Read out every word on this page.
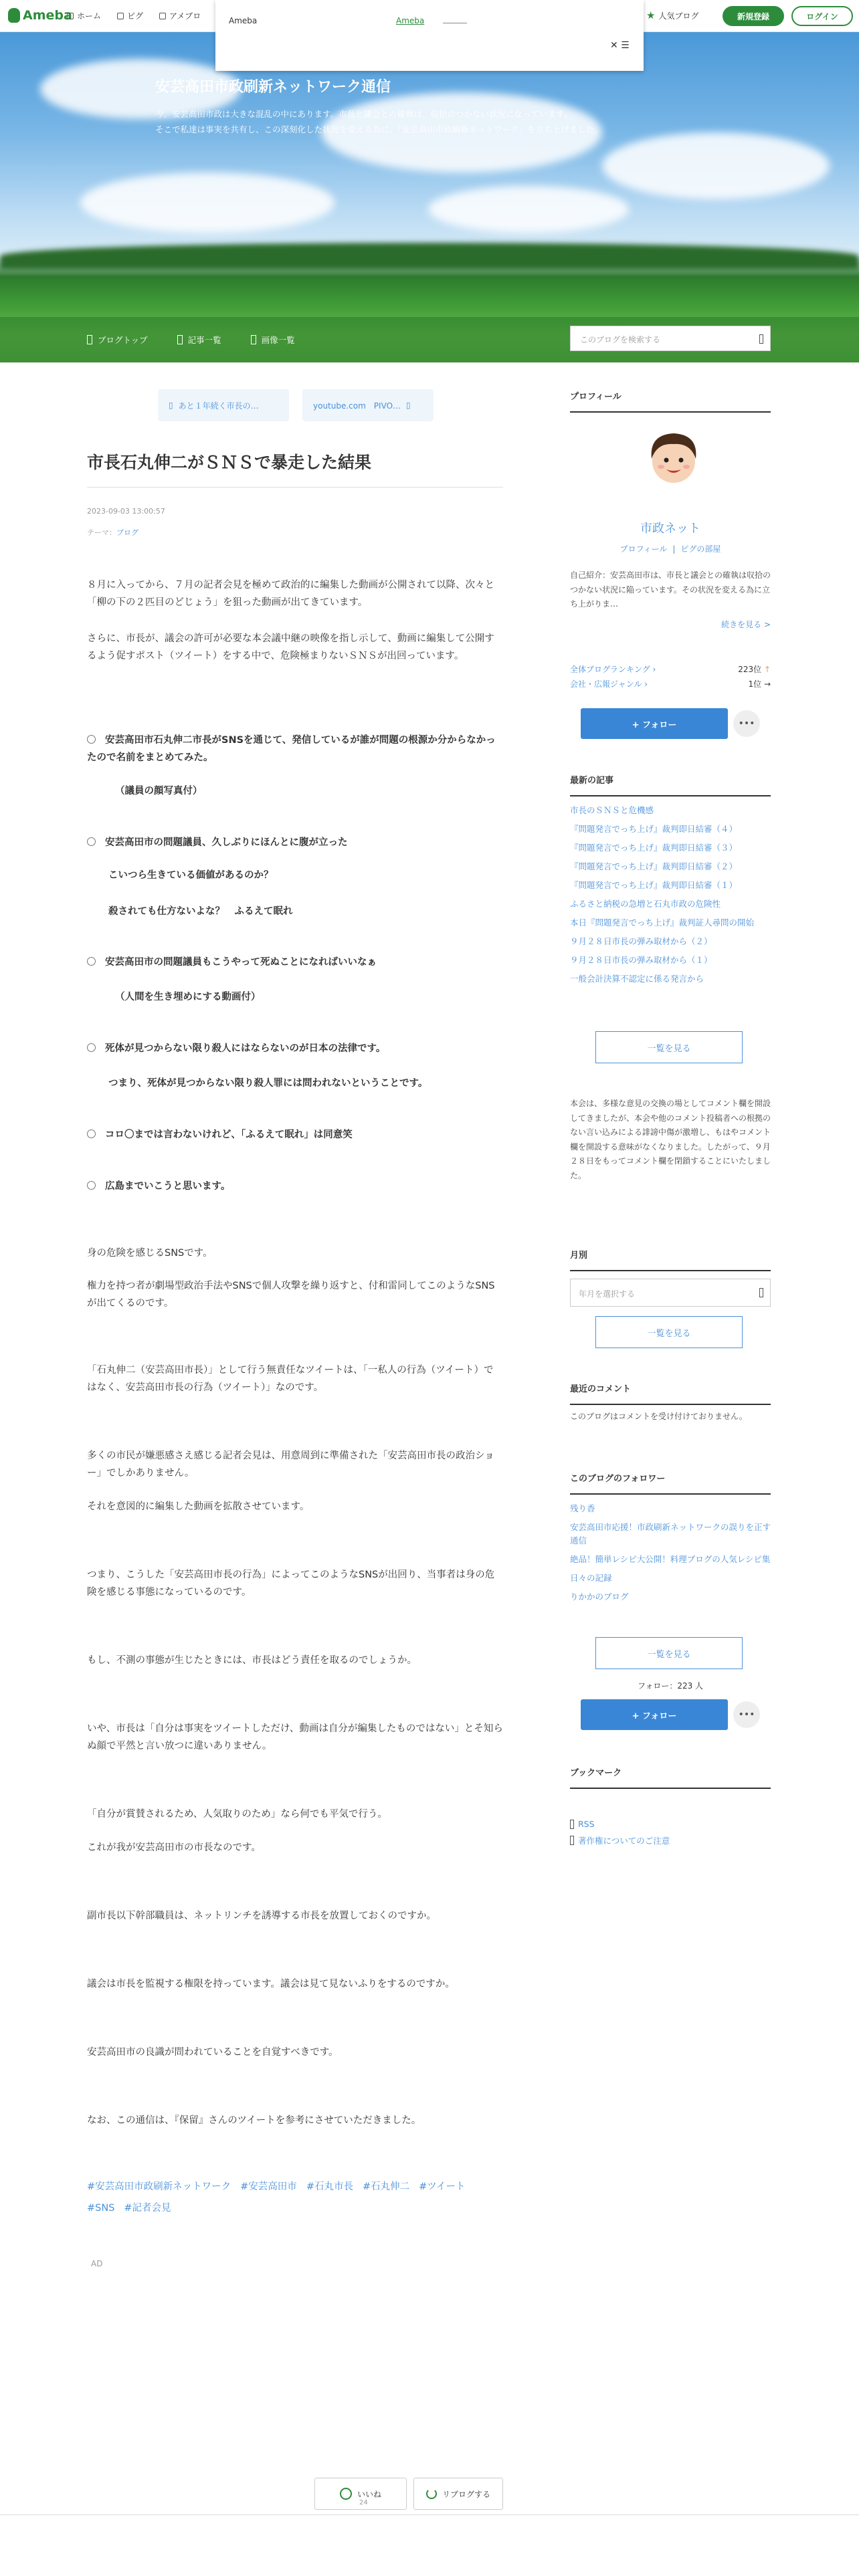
Ameba ホーム	ピグ	アメブロ	★ 人気ブログ	新規登録	ログイン
Ameba	Ameba
✕ ☰
安芸高田市政刷新ネットワーク通信
今、安芸高田市政は大きな混乱の中にあります。市長と議会との確執は、収拾のつかない状況になっています。
そこで私達は事実を共有し、この深刻化した状況を変える為に、「安芸高田市政刷新ネットワーク」を立ち上げました。
ブログトップ	記事一覧	画像一覧	このブログを検索する
▯ あと１年続く市長の…	youtube.com　PIVO… ▯
市長石丸伸二がＳＮＳで暴走した結果
2023-09-03 13:00:57
テーマ：ブログ
８月に入ってから、７月の記者会見を極めて政治的に編集した動画が公開されて以降、次々と「柳の下の２匹目のどじょう」を狙った動画が出てきています。
さらに、市長が、議会の許可が必要な本会議中継の映像を指し示して、動画に編集して公開するよう促すポスト（ツイート）をする中で、危険極まりないＳＮＳが出回っています。
安芸高田市石丸伸二市長がSNSを通じて、発信しているが誰が問題の根源か分からなかったので名前をまとめてみた。
（議員の顔写真付）
安芸高田市の問題議員、久しぶりにほんとに腹が立った
こいつら生きている価値があるのか？
殺されても仕方ないよな？　ふるえて眠れ
安芸高田市の問題議員もこうやって死ぬことになればいいなぁ
（人間を生き埋めにする動画付）
死体が見つからない限り殺人にはならないのが日本の法律です。
つまり、死体が見つからない限り殺人罪には問われないということです。
コロ〇までは言わないけれど、「ふるえて眠れ」は同意笑
広島までいこうと思います。
身の危険を感じるSNSです。
権力を持つ者が劇場型政治手法やSNSで個人攻撃を繰り返すと、付和雷同してこのようなSNSが出てくるのです。
「石丸伸二（安芸高田市長）」として行う無責任なツイートは、「一私人の行為（ツイート）ではなく、安芸高田市長の行為（ツイート）」なのです。
多くの市民が嫌悪感さえ感じる記者会見は、用意周到に準備された「安芸高田市長の政治ショー」でしかありません。
それを意図的に編集した動画を拡散させています。
つまり、こうした「安芸高田市長の行為」によってこのようなSNSが出回り、当事者は身の危険を感じる事態になっているのです。
もし、不測の事態が生じたときには、市長はどう責任を取るのでしょうか。
いや、市長は「自分は事実をツイートしただけ、動画は自分が編集したものではない」とそ知らぬ顔で平然と言い放つに違いありません。
「自分が賞賛されるため、人気取りのため」なら何でも平気で行う。
これが我が安芸高田市の市長なのです。
副市長以下幹部職員は、ネットリンチを誘導する市長を放置しておくのですか。
議会は市長を監視する権限を持っています。議会は見て見ないふりをするのですか。
安芸高田市の良識が問われていることを自覚すべきです。
なお、この通信は、『保留』さんのツイートを参考にさせていただきました。
#安芸高田市政刷新ネットワーク #安芸高田市 #石丸市長 #石丸伸二 #ツイート
#SNS #記者会見
AD
いいね
24
リブログする
プロフィール
市政ネット
プロフィール | ピグの部屋
自己紹介：安芸高田市は、市長と議会との確執は収拾のつかない状況に陥っています。その状況を変える為に立ち上がりま…
続きを見る >
全体ブログランキング ›	223位 ↑
会社・広報ジャンル ›	1位 →
+ フォロー	•••
最新の記事
市長のＳＮＳと危機感
『問題発言でっち上げ』裁判即日結審（４）
『問題発言でっち上げ』裁判即日結審（３）
『問題発言でっち上げ』裁判即日結審（２）
『問題発言でっち上げ』裁判即日結審（１）
ふるさと納税の急増と石丸市政の危険性
本日『問題発言でっち上げ』裁判証人尋問の開始
９月２８日市長の弾み取材から（２）
９月２８日市長の弾み取材から（１）
一般会計決算不認定に係る発言から
一覧を見る
本会は、多様な意見の交換の場としてコメント欄を開設してきましたが、本会や他のコメント投稿者への根拠のない言い込みによる誹謗中傷が激増し、もはやコメント欄を開設する意味がなくなりました。したがって、９月２８日をもってコメント欄を閉鎖することにいたしました。
月別
年月を選択する
一覧を見る
最近のコメント
このブログはコメントを受け付けておりません。
このブログのフォロワー
残り香
安芸高田市応援！市政刷新ネットワークの誤りを正す通信
絶品！簡単レシピ大公開！料理ブログの人気レシピ集
日々の記録
りかかのブログ
一覧を見る
フォロー：223 人
+ フォロー	•••
ブックマーク
RSS
著作権についてのご注意
